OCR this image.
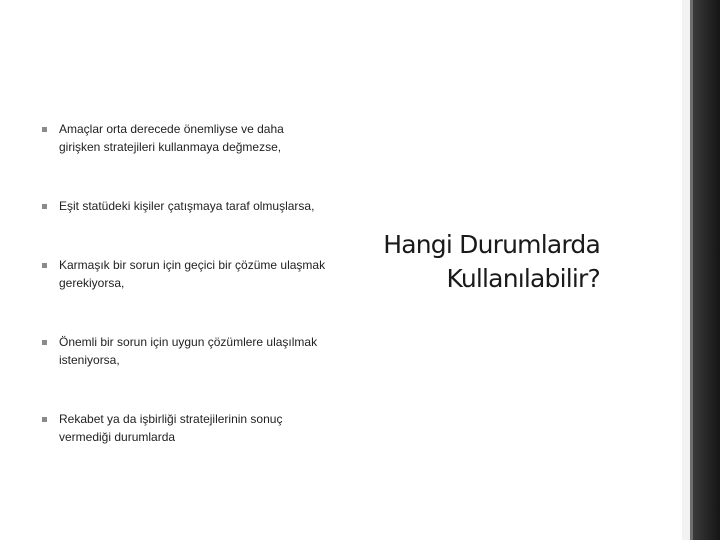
Amaçlar orta derecede önemliyse ve daha girişken stratejileri kullanmaya değmezse,
Eşit statüdeki kişiler çatışmaya taraf olmuşlarsa,
Karmaşık bir sorun için geçici bir çözüme ulaşmak gerekiyorsa,
Önemli bir sorun için uygun çözümlere ulaşılmak isteniyorsa,
Rekabet ya da işbirliği stratejilerinin sonuç vermediği durumlarda
Hangi Durumlarda
Kullanılabilir?
